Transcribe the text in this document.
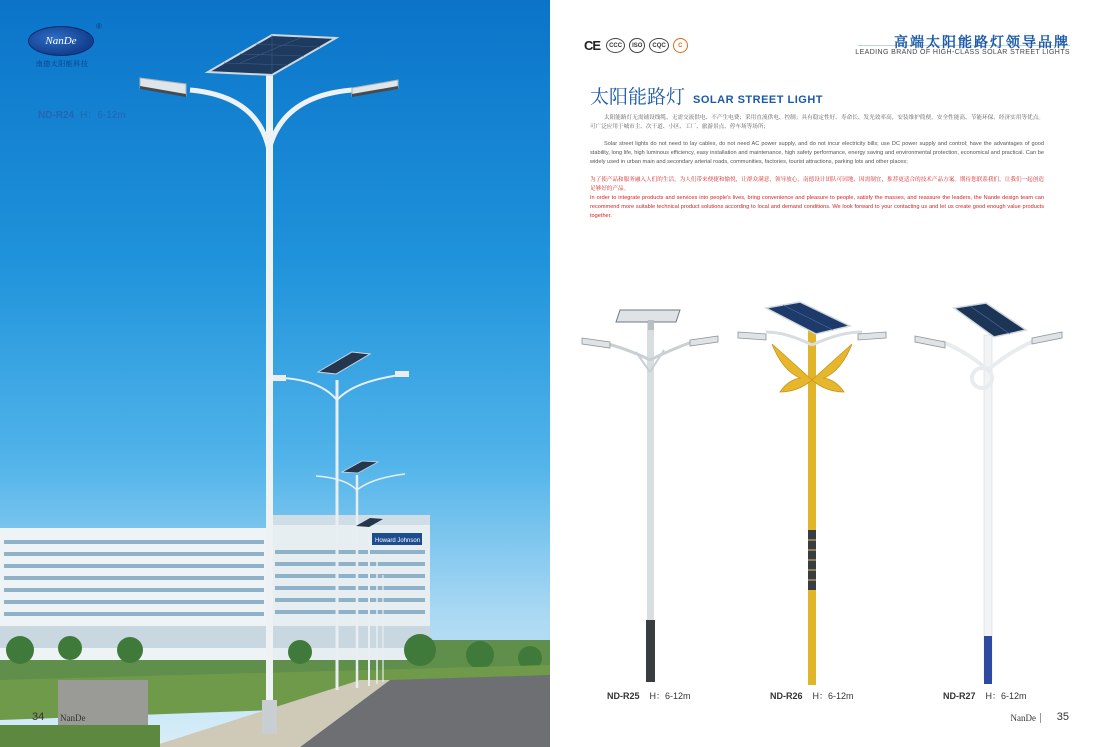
Howard Johnson
NanDe
®
南德太阳能科技
ND-R24 H：6-12m
34 NanDe
CE	CCC	ISO	CQC	C	高端太阳能路灯领导品牌
LEADING BRAND OF HIGH-CLASS SOLAR STREET LIGHTS
太阳能路灯 SOLAR STREET LIGHT

太阳能路灯无需铺设线缆、无需交流供电、不产生电费；采用直流供电、控制；具有稳定性好、寿命长、发光效率高，安装维护简便、安全性能高、节能环保、经济实用等优点。可广泛应用于城市主、次干道、小区、工厂、旅游景点、停车场等场所；

Solar street lights do not need to lay cables, do not need AC power supply, and do not incur electricity bills; use DC power supply and control; have the advantages of good stability, long life, high luminous efficiency, easy installation and maintenance, high safety performance, energy saving and environmental protection, economical and practical. Can be widely used in urban main and secondary arterial roads, communities, factories, tourist attractions, parking lots and other places;

为了使产品和服务融入人们的生活，为人们带来便捷和愉悦，让群众满意，领导放心，南德设计团队可因地、因需制宜，推荐更适合的技术产品方案。期待您联系我们，让我们一起创造足够好的产品。

In order to integrate products and services into people's lives, bring convenience and pleasure to people, satisfy the masses, and reassure the leaders, the Nande design team can recommend more suitable technical product solutions according to local and demand conditions. We look forward to your contacting us and let us create good enough value products together.

ND-R25 H：6-12m	ND-R26 H：6-12m	ND-R27 H：6-12m
NanDe	35
